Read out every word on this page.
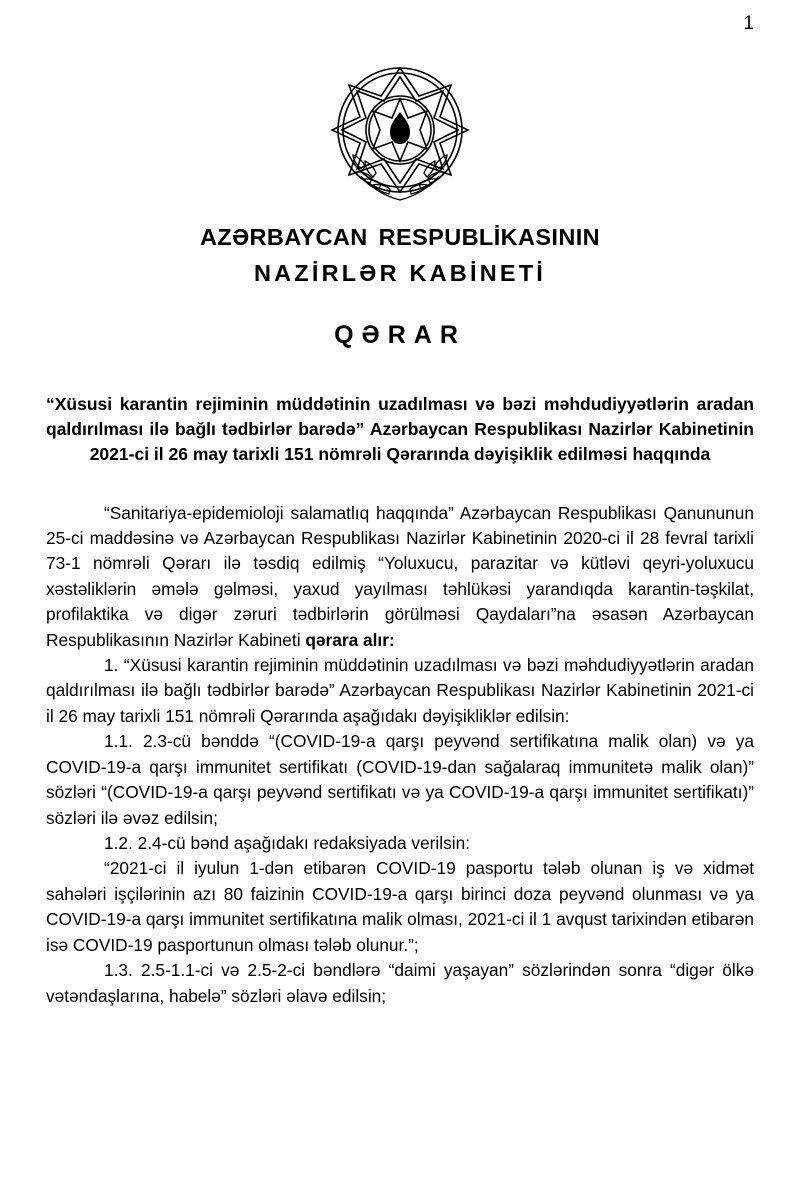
1
AZƏRBAYCAN RESPUBLİKASININ
NAZİRLƏR KABİNETİ
QƏRAR
“Xüsusi karantin rejiminin müddətinin uzadılması və bəzi məhdudiyyətlərin aradan qaldırılması ilə bağlı tədbirlər barədə” Azərbaycan Respublikası Nazirlər Kabinetinin 2021-ci il 26 may tarixli 151 nömrəli Qərarında dəyişiklik edilməsi haqqında

“Sanitariya-epidemioloji salamatlıq haqqında” Azərbaycan Respublikası Qanununun 25-ci maddəsinə və Azərbaycan Respublikası Nazirlər Kabinetinin 2020-ci il 28 fevral tarixli 73-1 nömrəli Qərarı ilə təsdiq edilmiş “Yoluxucu, parazitar və kütləvi qeyri-yoluxucu xəstəliklərin əmələ gəlməsi, yaxud yayılması təhlükəsi yarandıqda karantin-təşkilat, profilaktika və digər zəruri tədbirlərin görülməsi Qaydaları”na əsasən Azərbaycan Respublikasının Nazirlər Kabineti qərara alır:

1. “Xüsusi karantin rejiminin müddətinin uzadılması və bəzi məhdudiyyətlərin aradan qaldırılması ilə bağlı tədbirlər barədə” Azərbaycan Respublikası Nazirlər Kabinetinin 2021-ci il 26 may tarixli 151 nömrəli Qərarında aşağıdakı dəyişikliklər edilsin:

1.1. 2.3-cü bənddə “(COVID-19-a qarşı peyvənd sertifikatına malik olan) və ya COVID-19-a qarşı immunitet sertifikatı (COVID-19-dan sağalaraq immunitetə malik olan)” sözləri “(COVID-19-a qarşı peyvənd sertifikatı və ya COVID-19-a qarşı immunitet sertifikatı)” sözləri ilə əvəz edilsin;

1.2. 2.4-cü bənd aşağıdakı redaksiyada verilsin:

“2021-ci il iyulun 1-dən etibarən COVID-19 pasportu tələb olunan iş və xidmət sahələri işçilərinin azı 80 faizinin COVID-19-a qarşı birinci doza peyvənd olunması və ya COVID-19-a qarşı immunitet sertifikatına malik olması, 2021-ci il 1 avqust tarixindən etibarən isə COVID-19 pasportunun olması tələb olunur.”;

1.3. 2.5-1.1-ci və 2.5-2-ci bəndlərə “daimi yaşayan” sözlərindən sonra “digər ölkə vətəndaşlarına, habelə” sözləri əlavə edilsin;
